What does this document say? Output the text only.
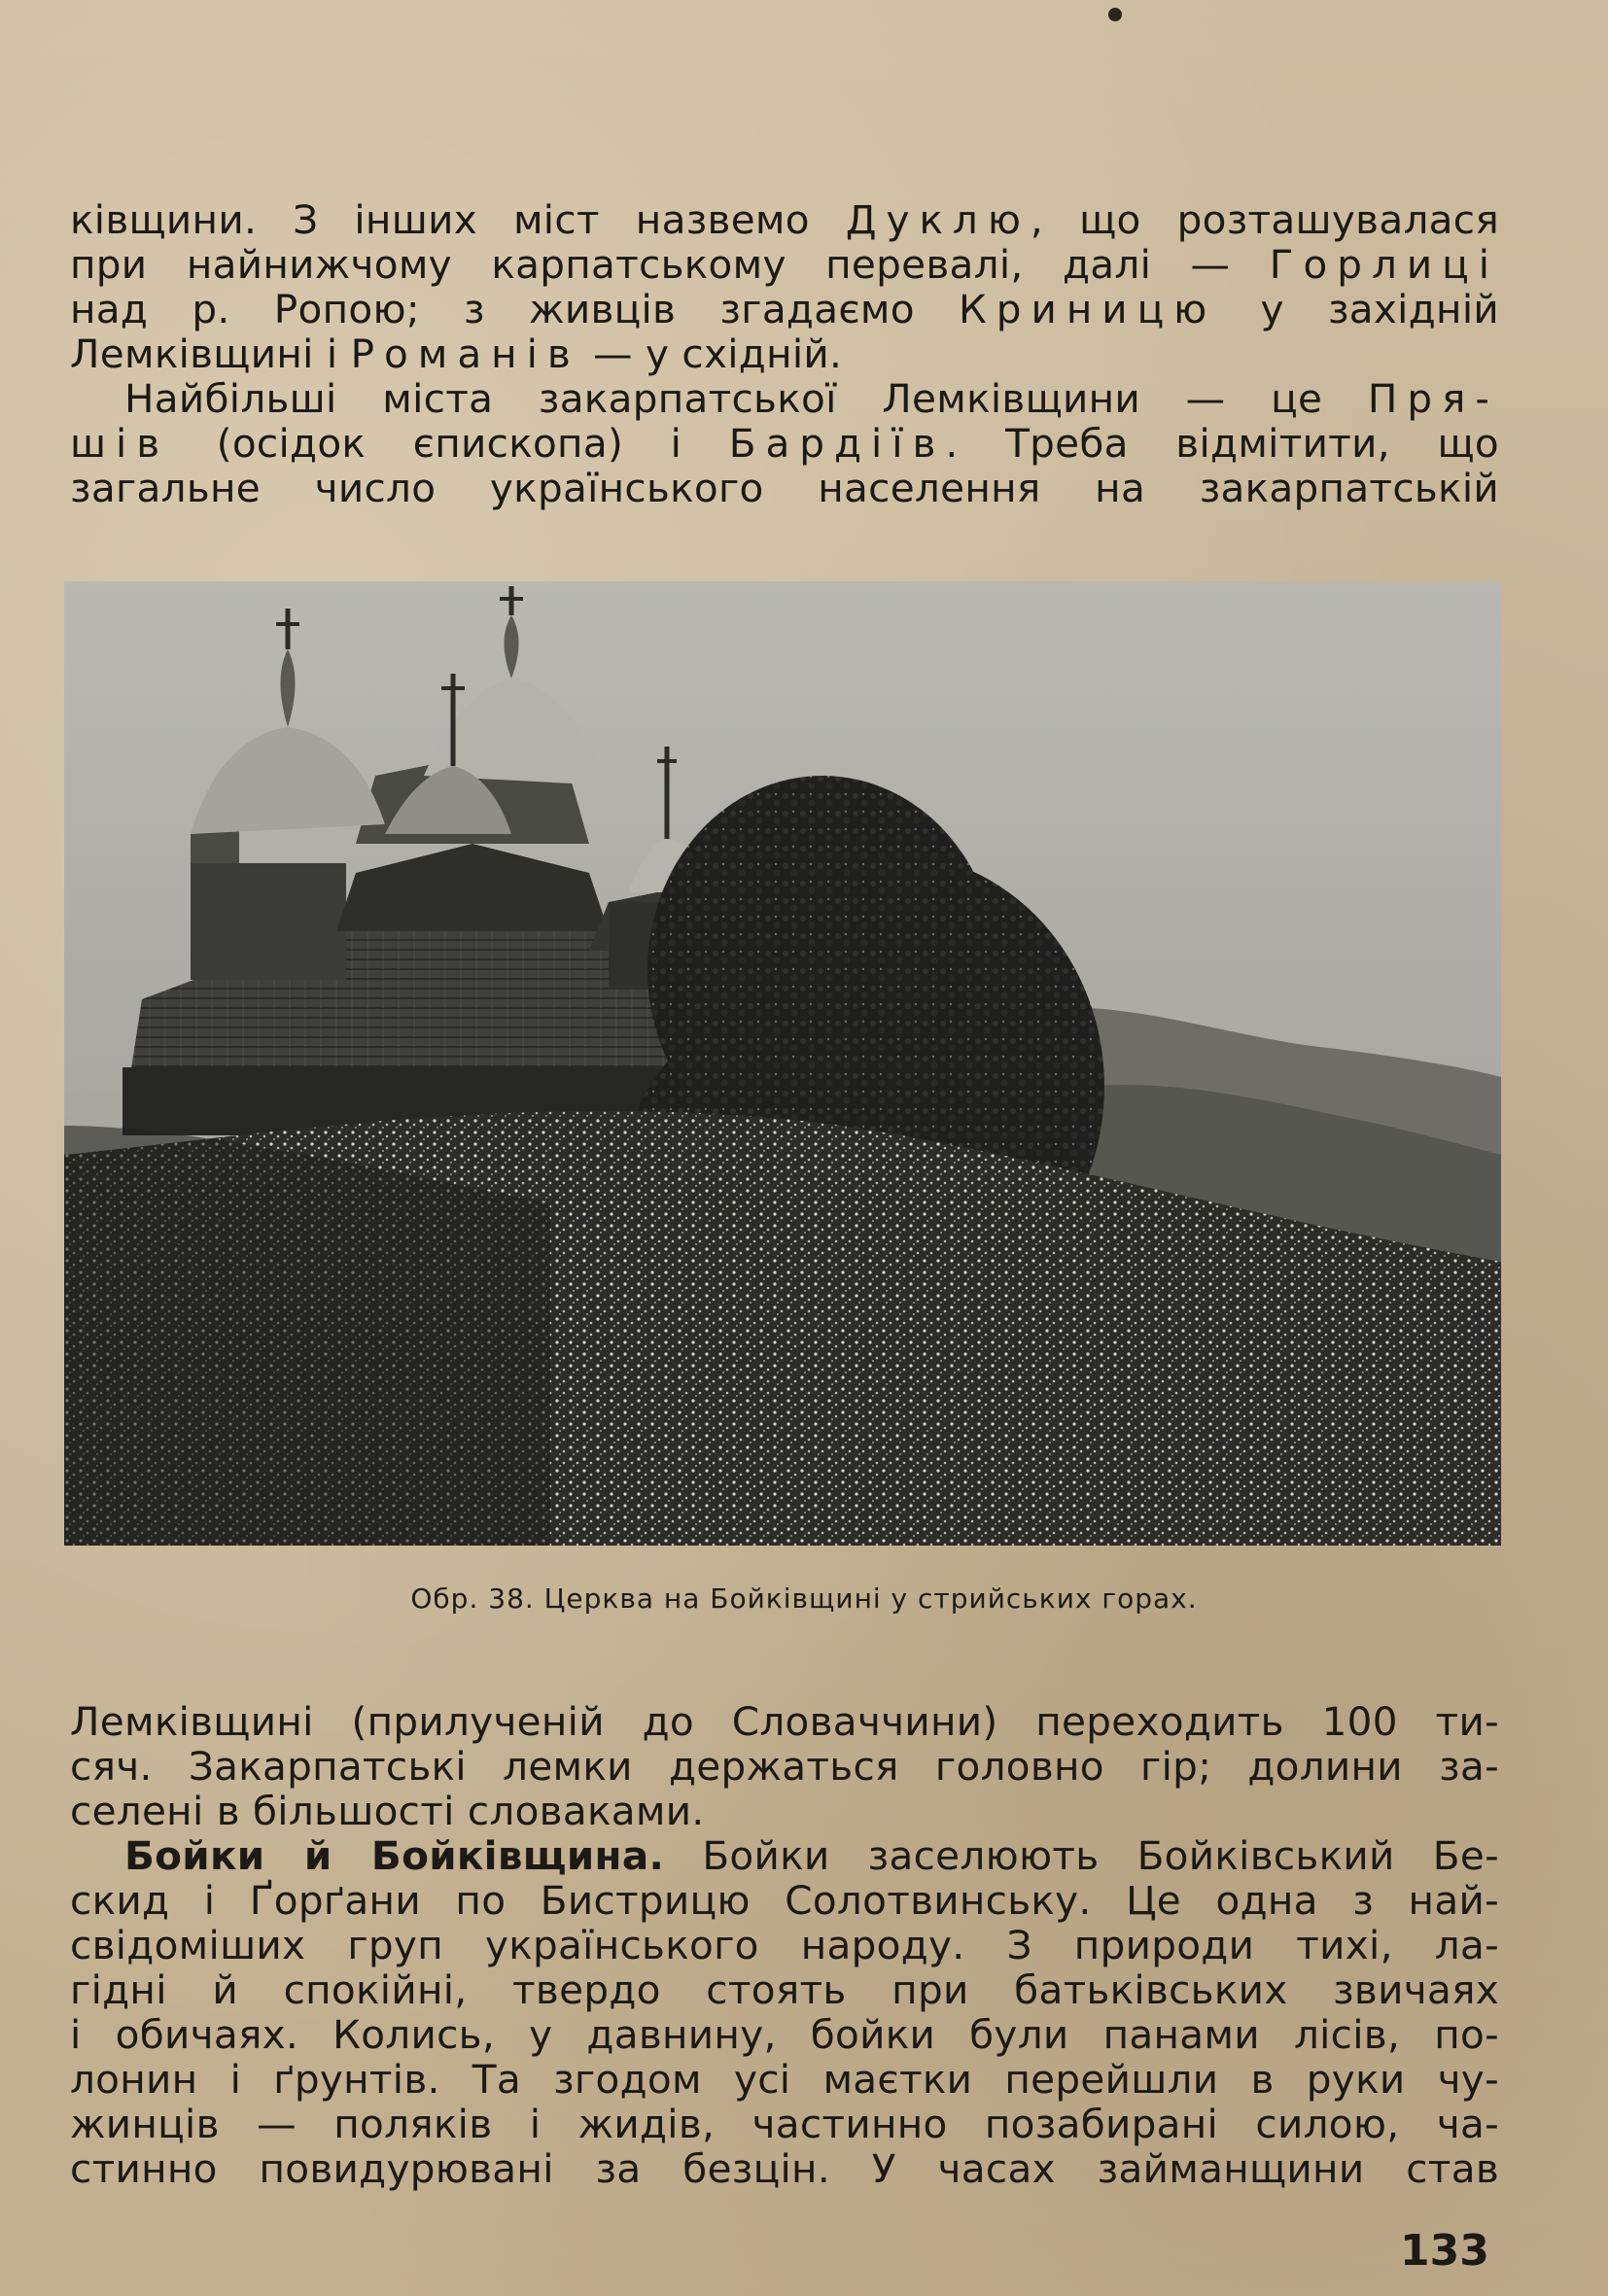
ківщини. З інших міст назвемо Дуклю, що розташувалася
при найнижчому карпатському перевалі, далі — Горлиці
над р. Ропою; з живців згадаємо Криницю у західній
Лемківщині і Романів — у східній.
Найбільші міста закарпатської Лемківщини — це Пря-
шів (осідок єпископа) і Бардіїв. Треба відмітити, що
загальне число українського населення на закарпатській
Обр. 38. Церква на Бойківщині у стрийських горах.
Лемківщині (прилученій до Словаччини) переходить 100 ти-
сяч. Закарпатські лемки держаться головно гір; долини за-
селені в більшості словаками.
Бойки й Бойківщина. Бойки заселюють Бойківський Бе-
скид і Ґорґани по Бистрицю Солотвинську. Це одна з най-
свідоміших груп українського народу. З природи тихі, ла-
гідні й спокійні, твердо стоять при батьківських звичаях
і обичаях. Колись, у давнину, бойки були панами лісів, по-
лонин і ґрунтів. Та згодом усі маєтки перейшли в руки чу-
жинців — поляків і жидів, частинно позабирані силою, ча-
стинно повидурювані за безцін. У часах займанщини став
133
